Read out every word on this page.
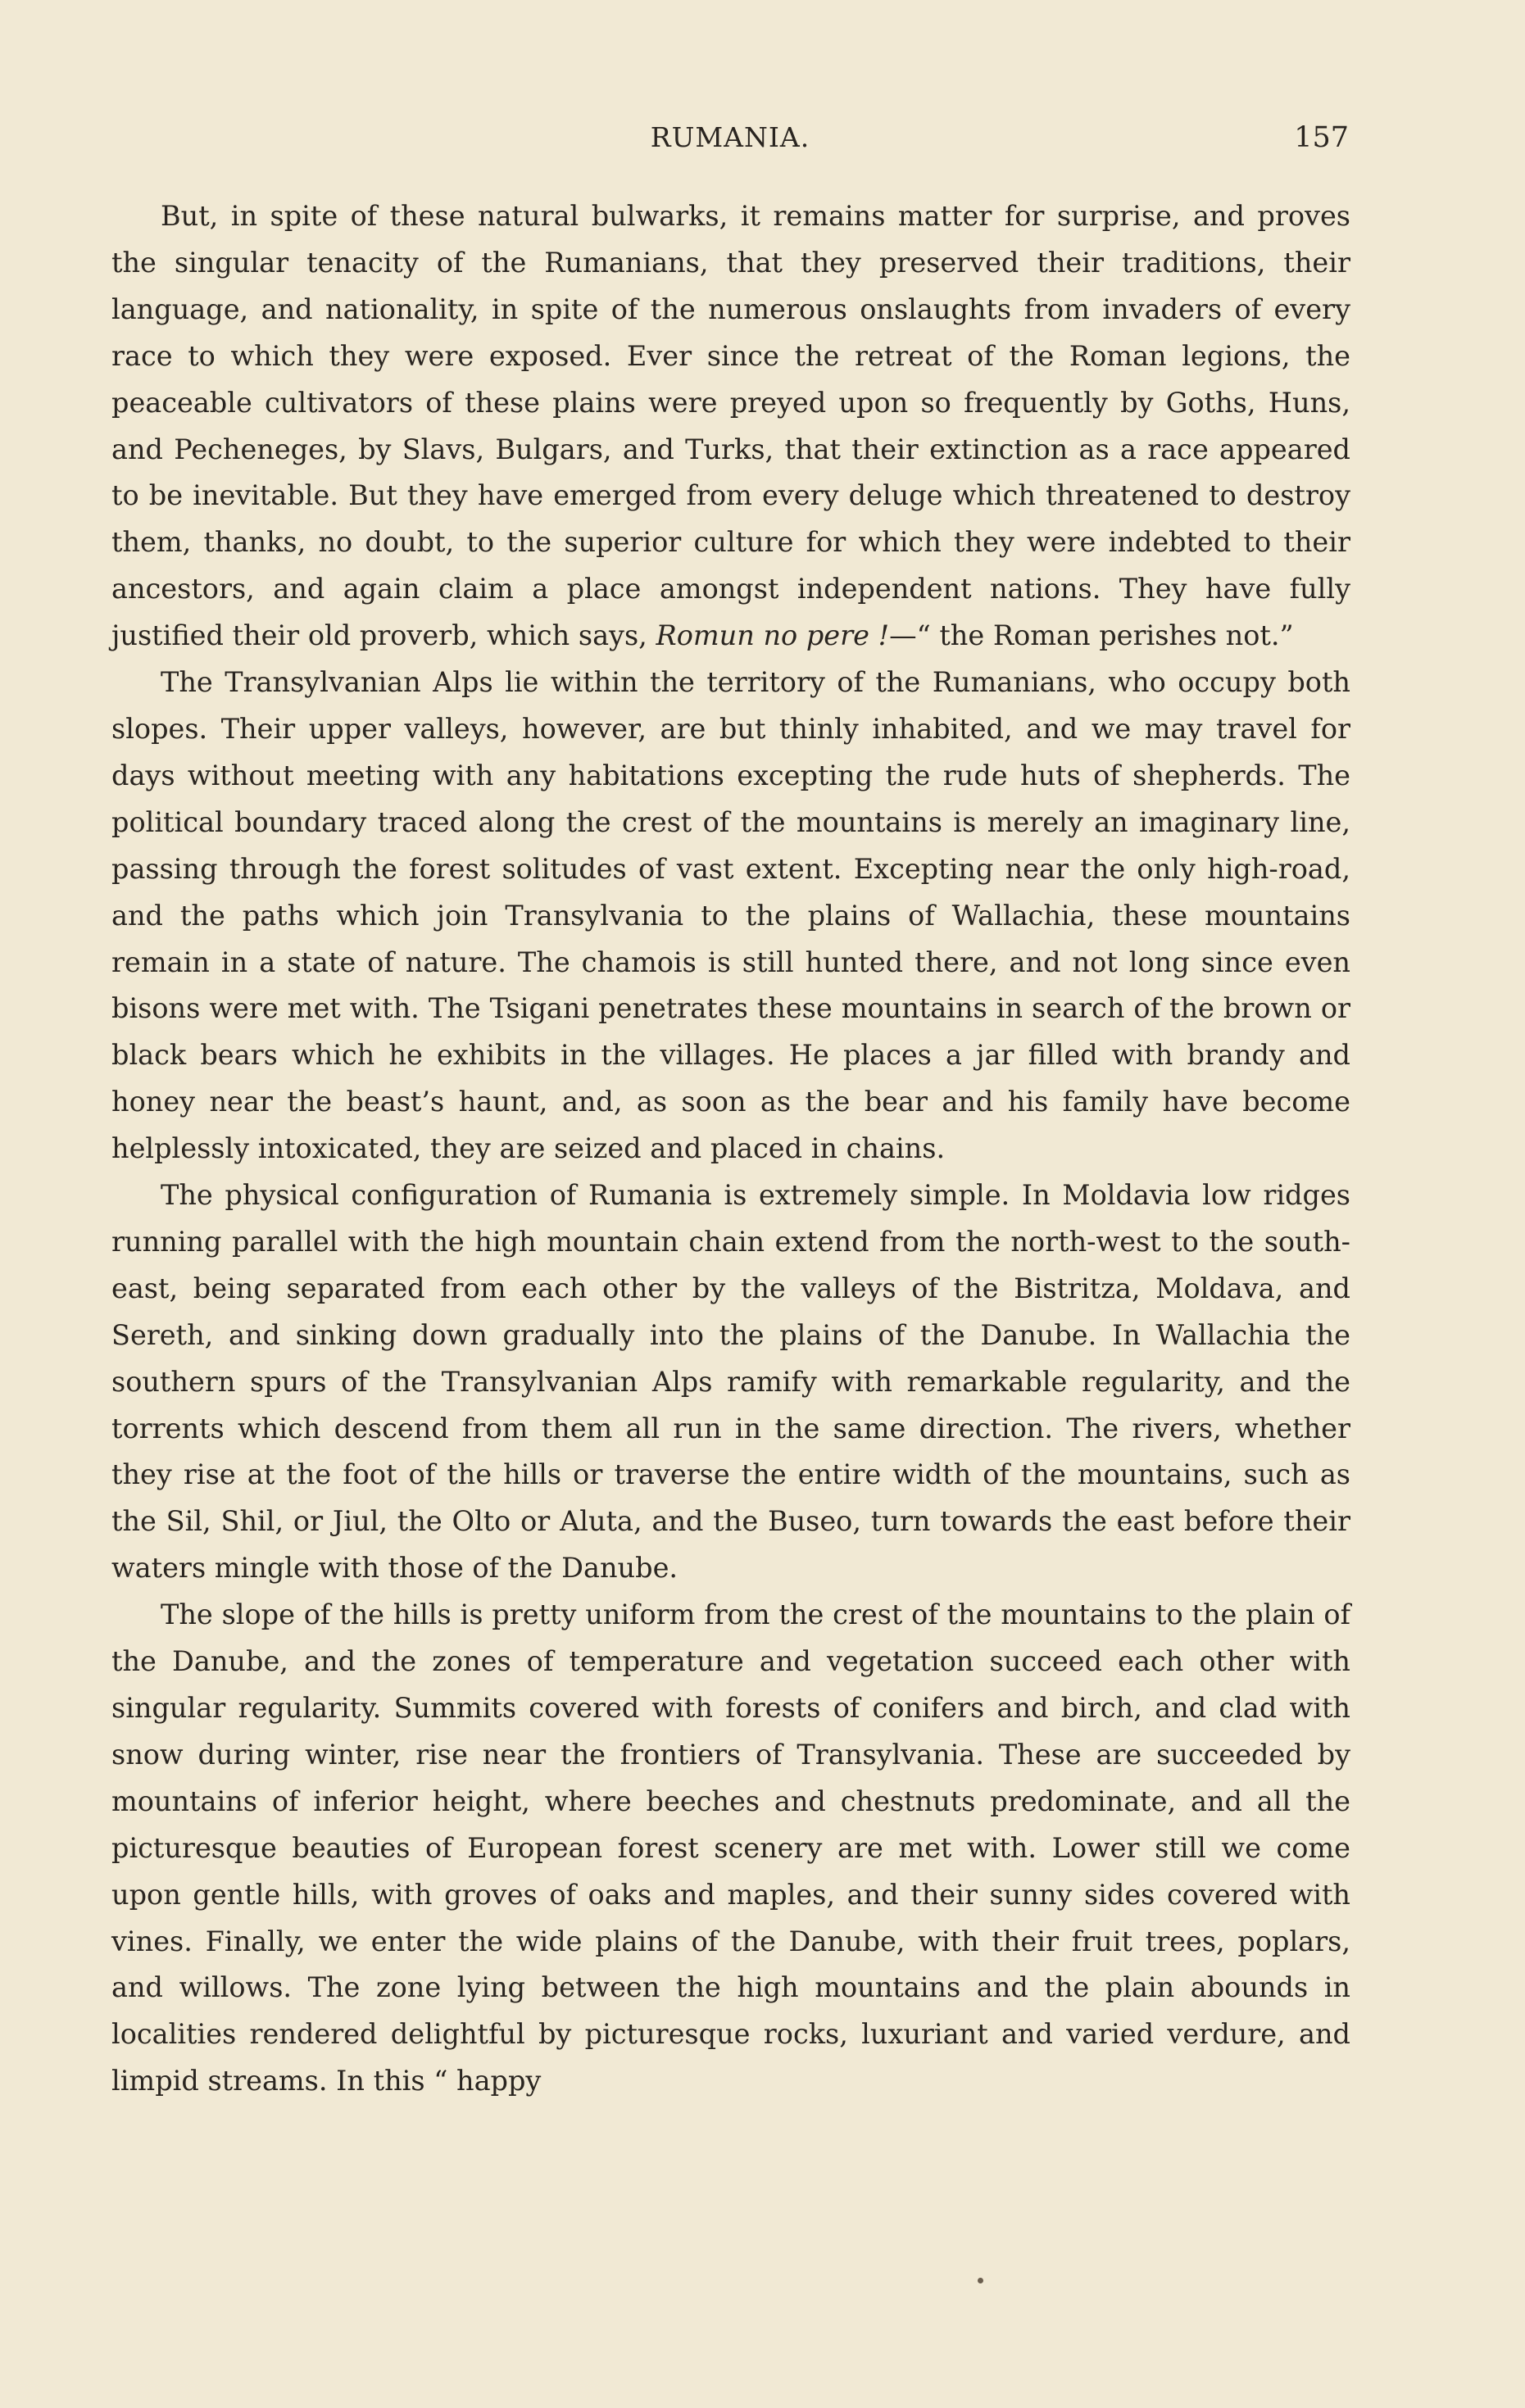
RUMANIA.	157

But, in spite of these natural bulwarks, it remains matter for surprise, and proves the singular tenacity of the Rumanians, that they preserved their traditions, their language, and nationality, in spite of the numerous onslaughts from invaders of every race to which they were exposed. Ever since the retreat of the Roman legions, the peaceable cultivators of these plains were preyed upon so frequently by Goths, Huns, and Pecheneges, by Slavs, Bulgars, and Turks, that their extinction as a race appeared to be inevitable. But they have emerged from every deluge which threatened to destroy them, thanks, no doubt, to the superior culture for which they were indebted to their ancestors, and again claim a place amongst independent nations. They have fully justified their old proverb, which says, Romun no pere !—“ the Roman perishes not.”

The Transylvanian Alps lie within the territory of the Rumanians, who occupy both slopes. Their upper valleys, however, are but thinly inhabited, and we may travel for days without meeting with any habitations excepting the rude huts of shepherds. The political boundary traced along the crest of the mountains is merely an imaginary line, passing through the forest solitudes of vast extent. Excepting near the only high-road, and the paths which join Transylvania to the plains of Wallachia, these mountains remain in a state of nature. The chamois is still hunted there, and not long since even bisons were met with. The Tsigani penetrates these mountains in search of the brown or black bears which he exhibits in the villages. He places a jar filled with brandy and honey near the beast’s haunt, and, as soon as the bear and his family have become helplessly intoxicated, they are seized and placed in chains.

The physical configuration of Rumania is extremely simple. In Moldavia low ridges running parallel with the high mountain chain extend from the north-west to the south-east, being separated from each other by the valleys of the Bistritza, Moldava, and Sereth, and sinking down gradually into the plains of the Danube. In Wallachia the southern spurs of the Transylvanian Alps ramify with remarkable regularity, and the torrents which descend from them all run in the same direction. The rivers, whether they rise at the foot of the hills or traverse the entire width of the mountains, such as the Sil, Shil, or Jiul, the Olto or Aluta, and the Buseo, turn towards the east before their waters mingle with those of the Danube.

The slope of the hills is pretty uniform from the crest of the mountains to the plain of the Danube, and the zones of temperature and vegetation succeed each other with singular regularity. Summits covered with forests of conifers and birch, and clad with snow during winter, rise near the frontiers of Transylvania. These are succeeded by mountains of inferior height, where beeches and chestnuts predominate, and all the picturesque beauties of European forest scenery are met with. Lower still we come upon gentle hills, with groves of oaks and maples, and their sunny sides covered with vines. Finally, we enter the wide plains of the Danube, with their fruit trees, poplars, and willows. The zone lying between the high mountains and the plain abounds in localities rendered delightful by picturesque rocks, luxuriant and varied verdure, and limpid streams. In this “ happy
